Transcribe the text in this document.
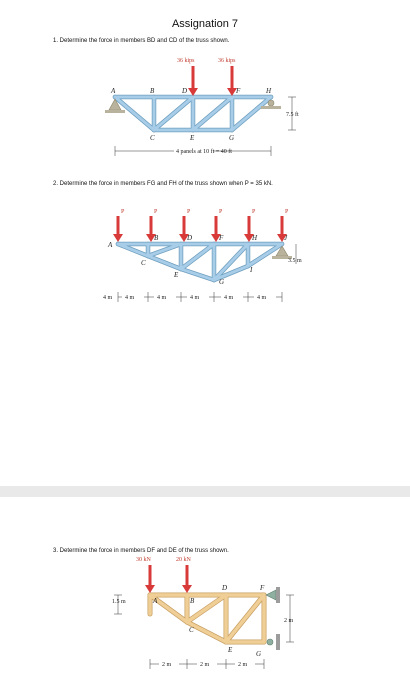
Assignation 7
1. Determine the force in members BD and CD of the truss shown.
2. Determine the force in members FG and FH of the truss shown when P = 35 kN.
36 kips	36 kips
A	B
C
D
E
F
G
H
7.5 ft
4 panels at 10 ft = 40 ft
P	P	P	P	P	P
A
B
C
D
E
F
G
H
I
J
3.5 m
4 m	4 m	4 m	4 m	4 m
4 m
3. Determine the force in members DF and DE of the truss shown.
30 kN	20 kN
A	B
C
D
E
F
G
1.5 m
2 m
2 m	2 m	2 m
